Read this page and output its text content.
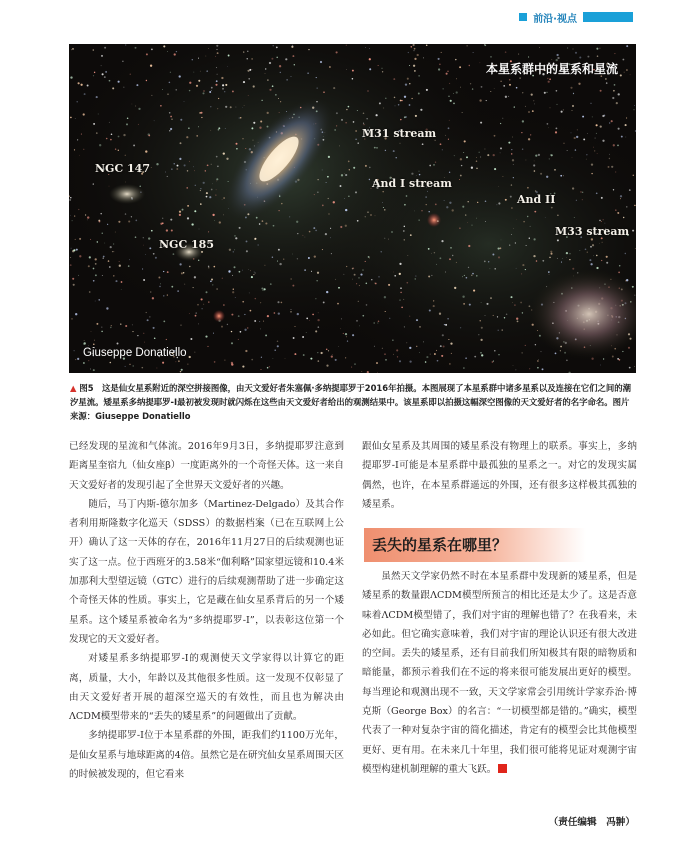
前沿·视点
本星系群中的星系和星流
M31 stream
And I stream
NGC 147
NGC 185
And II
M33 stream
Giuseppe Donatiello
▲ 图5　这是仙女星系附近的深空拼接图像，由天文爱好者朱塞佩·多纳提耶罗于2016年拍摄。本图展现了本星系群中诸多星系以及连接在它们之间的潮汐星流。矮星系多纳提耶罗-I最初被发现时就闪烁在这些由天文爱好者给出的观测结果中。该星系即以拍摄这幅深空图像的天文爱好者的名字命名。图片来源：Giuseppe Donatiello

已经发现的星流和气体流。2016年9月3日，多纳提耶罗注意到距离星奎宿九（仙女座β）一度距离外的一个奇怪天体。这一来自天文爱好者的发现引起了全世界天文爱好者的兴趣。

随后，马丁内斯-德尔加多（Martinez-Delgado）及其合作者利用斯隆数字化巡天（SDSS）的数据档案（已在互联网上公开）确认了这一天体的存在，2016年11月27日的后续观测也证实了这一点。位于西班牙的3.58米“伽利略”国家望远镜和10.4米加那利大型望远镜（GTC）进行的后续观测帮助了进一步确定这个奇怪天体的性质。事实上，它是藏在仙女星系背后的另一个矮星系。这个矮星系被命名为“多纳提耶罗-I”，以表彰这位第一个发现它的天文爱好者。

对矮星系多纳提耶罗-I的观测使天文学家得以计算它的距离，质量，大小，年龄以及其他很多性质。这一发现不仅彰显了由天文爱好者开展的超深空巡天的有效性，而且也为解决由ΛCDM模型带来的“丢失的矮星系”的问题做出了贡献。

多纳提耶罗-I位于本星系群的外围，距我们约1100万光年，是仙女星系与地球距离的4倍。虽然它是在研究仙女星系周围天区的时候被发现的，但它看来

跟仙女星系及其周围的矮星系没有物理上的联系。事实上，多纳提耶罗-I可能是本星系群中最孤独的星系之一。对它的发现实属偶然，也许，在本星系群遥远的外围，还有很多这样极其孤独的矮星系。

丢失的星系在哪里？

虽然天文学家仍然不时在本星系群中发现新的矮星系，但是矮星系的数量跟ΛCDM模型所预言的相比还是太少了。这是否意味着ΛCDM模型错了，我们对宇宙的理解也错了？在我看来，未必如此。但它确实意味着，我们对宇宙的理论认识还有很大改进的空间。丢失的矮星系，还有目前我们所知极其有限的暗物质和暗能量，都预示着我们在不远的将来很可能发展出更好的模型。每当理论和观测出现不一致，天文学家常会引用统计学家乔治·博克斯（George Box）的名言：“一切模型都是错的。”确实，模型代表了一种对复杂宇宙的简化描述，肯定有的模型会比其他模型更好、更有用。在未来几十年里，我们很可能将见证对观测宇宙模型构建机制理解的重大飞跃。

（责任编辑　冯翀）
